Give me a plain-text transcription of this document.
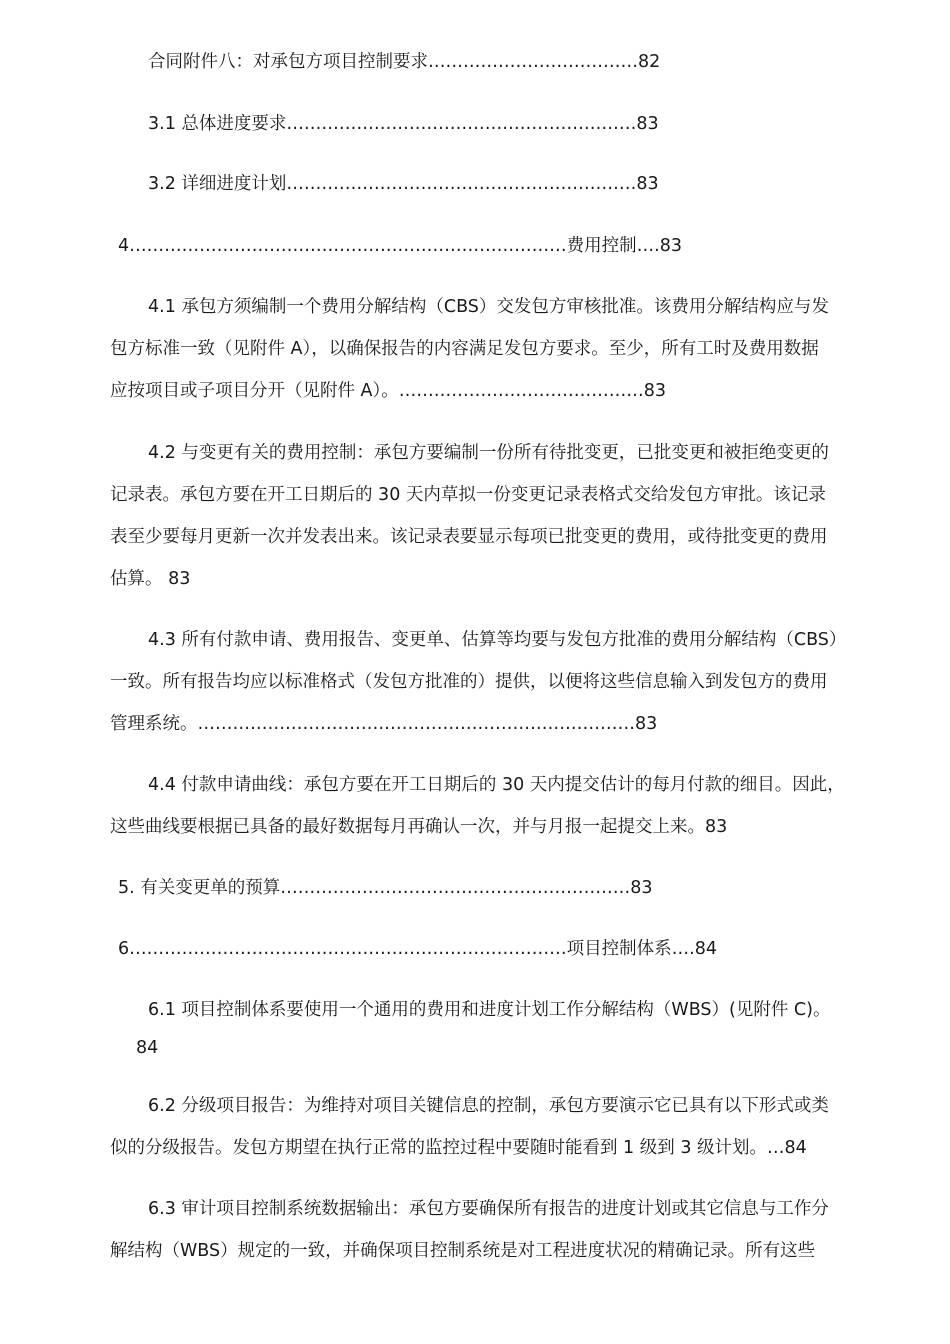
合同附件八：对承包方项目控制要求………………………………82
3.1 总体进度要求……………………………………………………83
3.2 详细进度计划……………………………………………………83
4…………………………………………………………………费用控制….83
4.1 承包方须编制一个费用分解结构（CBS）交发包方审核批准。该费用分解结构应与发
包方标准一致（见附件 A），以确保报告的内容满足发包方要求。至少，所有工时及费用数据
应按项目或子项目分开（见附件 A）。……………………………………83
4.2 与变更有关的费用控制：承包方要编制一份所有待批变更，已批变更和被拒绝变更的
记录表。承包方要在开工日期后的 30 天内草拟一份变更记录表格式交给发包方审批。该记录
表至少要每月更新一次并发表出来。该记录表要显示每项已批变更的费用，或待批变更的费用
估算。 83
4.3 所有付款申请、费用报告、变更单、估算等均要与发包方批准的费用分解结构（CBS）
一致。所有报告均应以标准格式（发包方批准的）提供，以便将这些信息输入到发包方的费用
管理系统。…………………………………………………………………83
4.4 付款申请曲线：承包方要在开工日期后的 30 天内提交估计的每月付款的细目。因此，
这些曲线要根据已具备的最好数据每月再确认一次，并与月报一起提交上来。83
5. 有关变更单的预算……………………………………………………83
6…………………………………………………………………项目控制体系….84
6.1 项目控制体系要使用一个通用的费用和进度计划工作分解结构（WBS）(见附件 C)。
84
6.2 分级项目报告：为维持对项目关键信息的控制，承包方要演示它已具有以下形式或类
似的分级报告。发包方期望在执行正常的监控过程中要随时能看到 1 级到 3 级计划。…84
6.3 审计项目控制系统数据输出：承包方要确保所有报告的进度计划或其它信息与工作分
解结构（WBS）规定的一致，并确保项目控制系统是对工程进度状况的精确记录。所有这些
